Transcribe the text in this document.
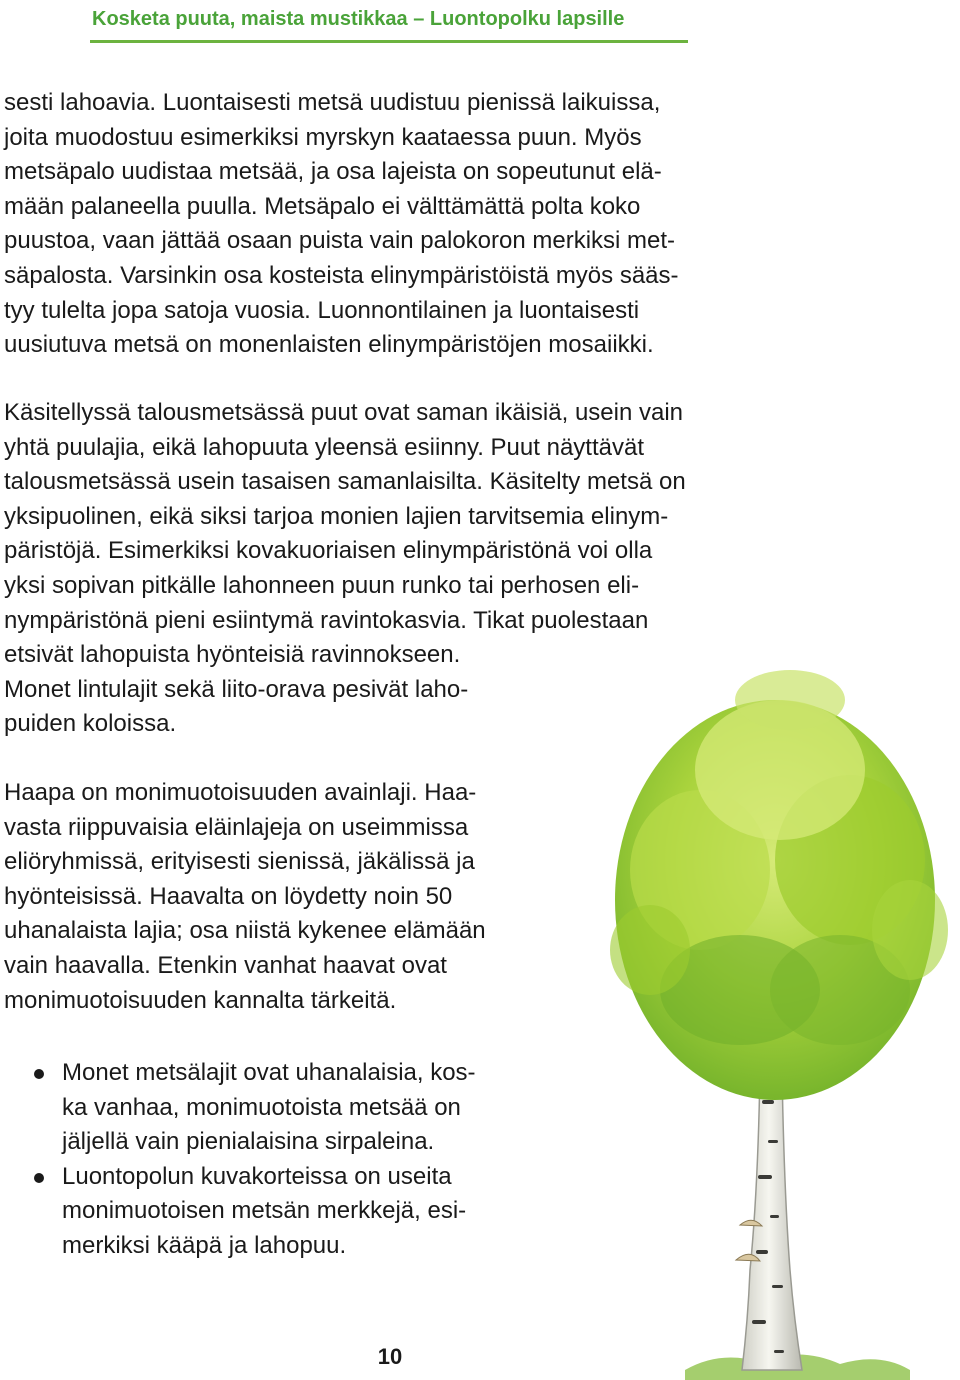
Kosketa puuta, maista mustikkaa – Luontopolku lapsille

sesti lahoavia. Luontaisesti metsä uudistuu pienissä laikuissa,
joita muodostuu esimerkiksi myrskyn kaataessa puun. Myös
metsäpalo uudistaa metsää, ja osa lajeista on sopeutunut elä-
mään palaneella puulla. Metsäpalo ei välttämättä polta koko
puustoa, vaan jättää osaan puista vain palokoron merkiksi met-
säpalosta. Varsinkin osa kosteista elinympäristöistä myös sääs-
tyy tulelta jopa satoja vuosia. Luonnontilainen ja luontaisesti
uusiutuva metsä on monenlaisten elinympäristöjen mosaiikki.

Käsitellyssä talousmetsässä puut ovat saman ikäisiä, usein vain
yhtä puulajia, eikä lahopuuta yleensä esiinny. Puut näyttävät
talousmetsässä usein tasaisen samanlaisilta. Käsitelty metsä on
yksipuolinen, eikä siksi tarjoa monien lajien tarvitsemia elinym-
päristöjä. Esimerkiksi kovakuoriaisen elinympäristönä voi olla
yksi sopivan pitkälle lahonneen puun runko tai perhosen eli-
nympäristönä pieni esiintymä ravintokasvia. Tikat puolestaan
etsivät lahopuista hyönteisiä ravinnokseen.
Monet lintulajit sekä liito-orava pesivät laho-
puiden koloissa.

Haapa on monimuotoisuuden avainlaji. Haa-
vasta riippuvaisia eläinlajeja on useimmissa
eliöryhmissä, erityisesti sienissä, jäkälissä ja
hyönteisissä. Haavalta on löydetty noin 50
uhanalaista lajia; osa niistä kykenee elämään
vain haavalla. Etenkin vanhat haavat ovat
monimuotoisuuden kannalta tärkeitä.

Monet metsälajit ovat uhanalaisia, kos-
ka vanhaa, monimuotoista metsää on
jäljellä vain pienialaisina sirpaleina.
Luontopolun kuvakorteissa on useita
monimuotoisen metsän merkkejä, esi-
merkiksi kääpä ja lahopuu.
10
